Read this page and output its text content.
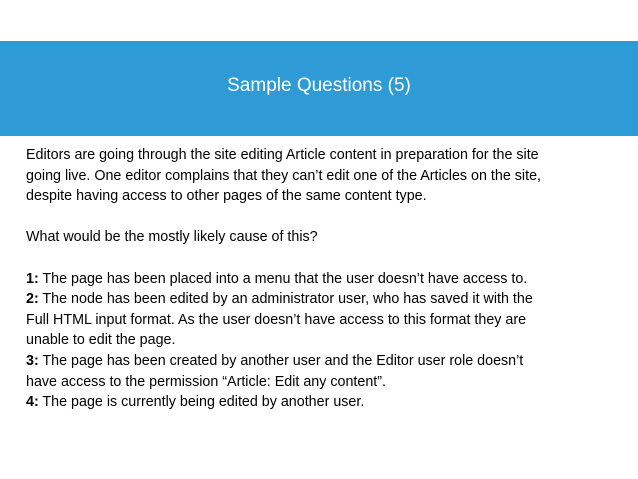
Sample Questions (5)
Editors are going through the site editing Article content in preparation for the site
going live. One editor complains that they can’t edit one of the Articles on the site,
despite having access to other pages of the same content type.
What would be the mostly likely cause of this?
1: The page has been placed into a menu that the user doesn’t have access to.
2: The node has been edited by an administrator user, who has saved it with the
Full HTML input format. As the user doesn’t have access to this format they are
unable to edit the page.
3: The page has been created by another user and the Editor user role doesn’t
have access to the permission “Article: Edit any content”.
4: The page is currently being edited by another user.
